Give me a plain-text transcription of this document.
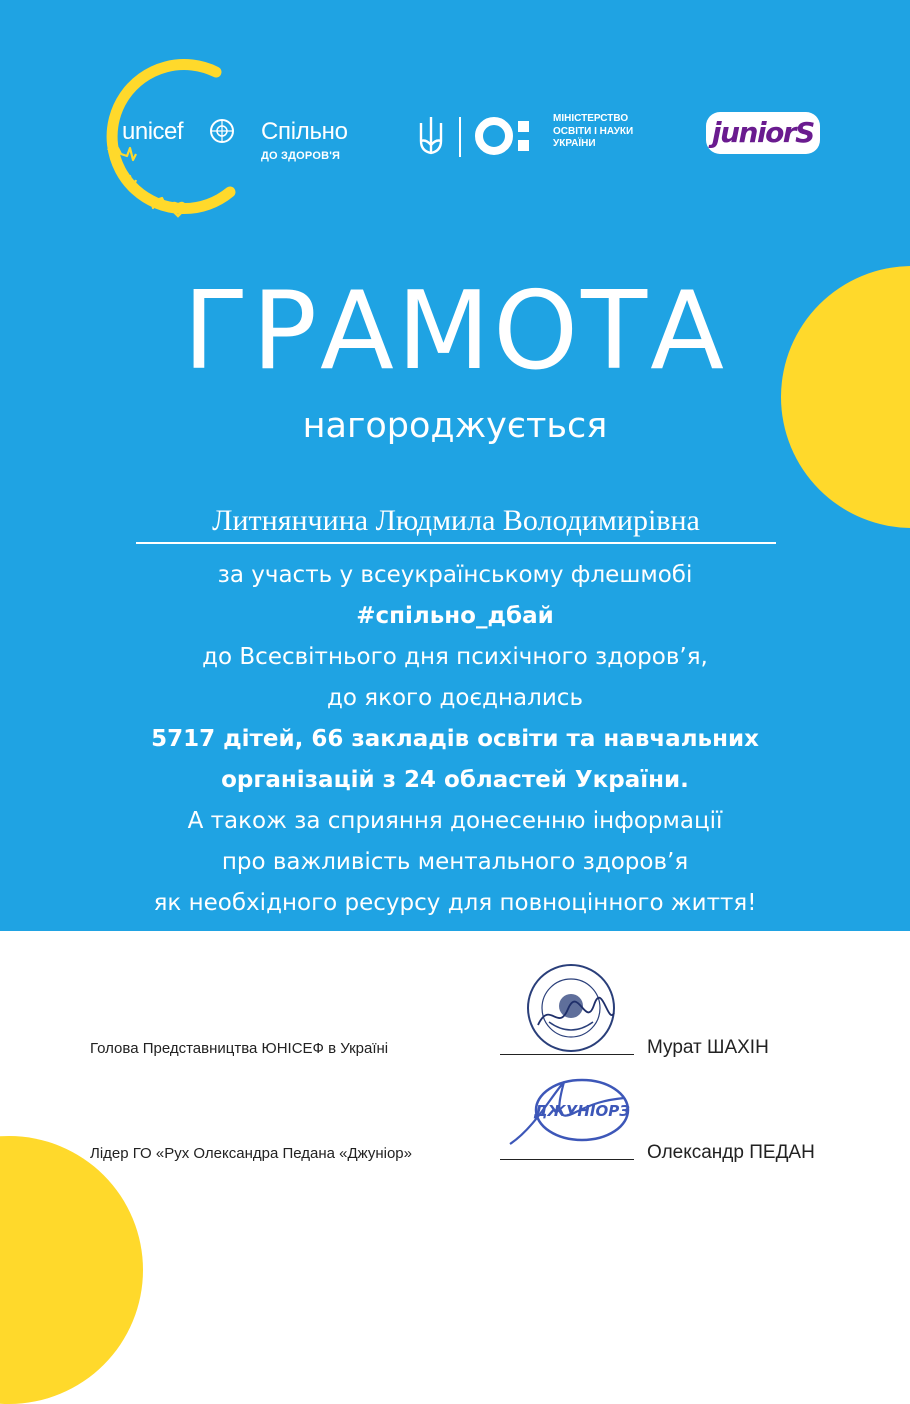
unicef	Спільно
ДО ЗДОРОВ'Я
МІНІСТЕРСТВО
ОСВІТИ І НАУКИ
УКРАЇНИ	juniorS
ГРАМОТА
нагороджується
Литнянчина Людмила Володимирівна
за участь у всеукраїнському флешмобі
#спільно_дбай
до Всесвітнього дня психічного здоров’я,
до якого доєднались
5717 дітей, 66 закладів освіти та навчальних
організацій з 24 областей України.
А також за сприяння донесенню інформації
про важливість ментального здоров’я
як необхідного ресурсу для повноцінного життя!
Голова Представництва ЮНІСЕФ в Україні	Мурат ШАХІН
ДЖУНІОРЗ
Лідер ГО «Рух Олександра Педана «Джуніор»	Олександр ПЕДАН
